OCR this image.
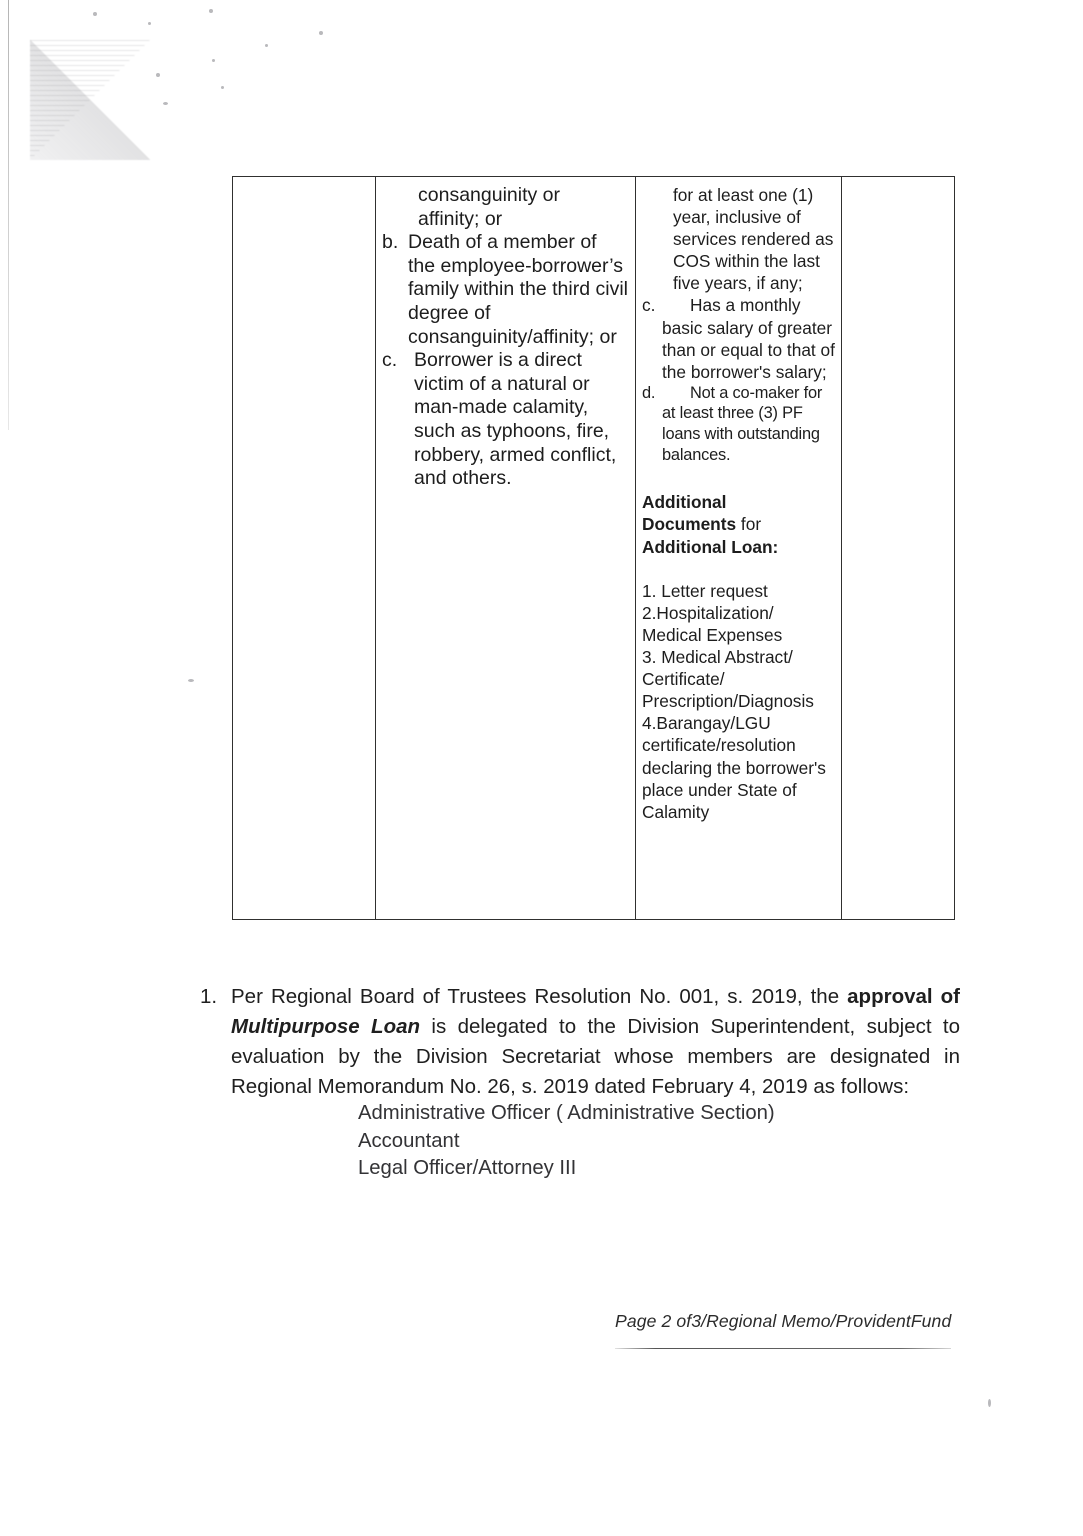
consanguinity or
affinity; or
b. Death of a member of the employee-borrower’s family within the third civil degree of consanguinity/affinity; or
c. Borrower is a direct victim of a natural or man-made calamity, such as typhoons, fire, robbery, armed conflict, and others.
for at least one (1) year, inclusive of services rendered as COS within the last five years, if any;
c.	Has a monthly basic salary of greater than or equal to that of the borrower's salary;
d.	Not a co-maker for at least three (3) PF loans with outstanding balances.
Additional
Documents for
Additional Loan:
1. Letter request
2.Hospitalization/ Medical Expenses
3. Medical Abstract/ Certificate/ Prescription/Diagnosis
4.Barangay/LGU certificate/resolution declaring the borrower's place under State of Calamity
1. Per Regional Board of Trustees Resolution No. 001, s. 2019, the approval of Multipurpose Loan is delegated to the Division Superintendent, subject to evaluation by the Division Secretariat whose members are designated in Regional Memorandum No. 26, s. 2019 dated February 4, 2019 as follows:
Administrative Officer ( Administrative Section)
Accountant
Legal Officer/Attorney III
Page 2 of3/Regional Memo/ProvidentFund
